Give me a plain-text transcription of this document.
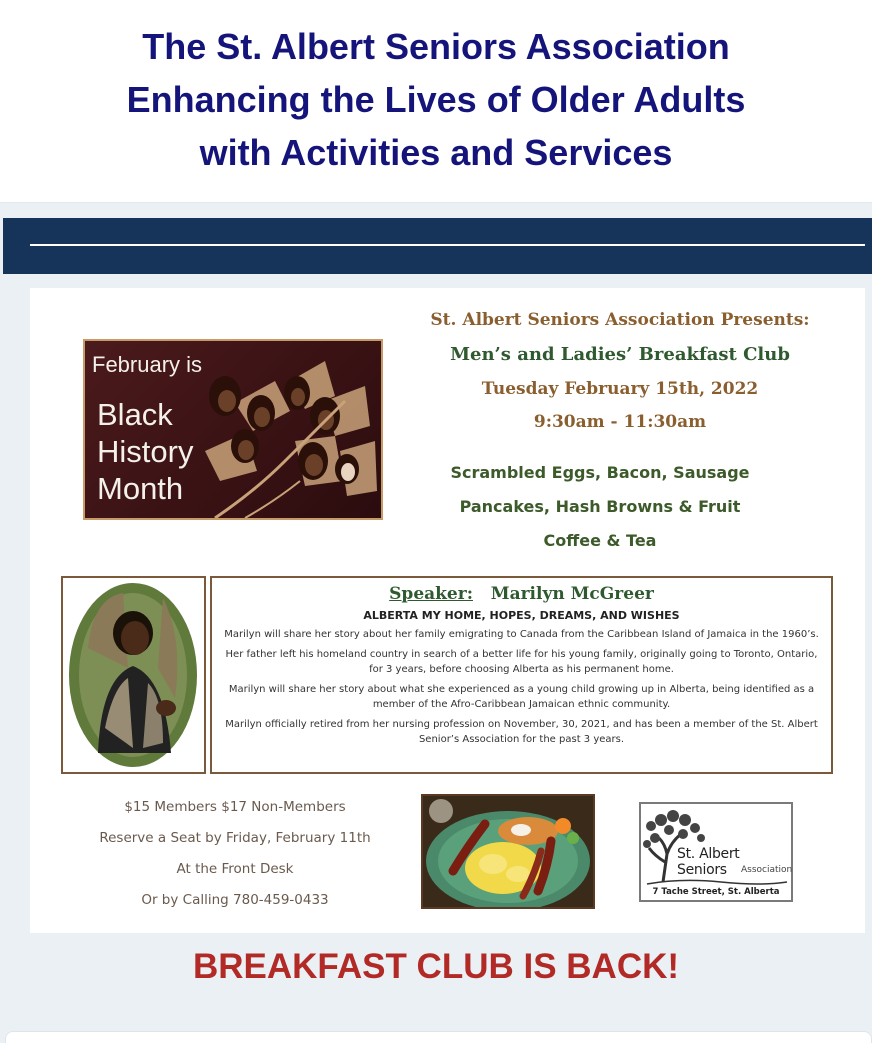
The St. Albert Seniors Association
Enhancing the Lives of Older Adults
with Activities and Services
February is
Black
History
Month
St. Albert Seniors Association Presents:
Men’s and Ladies’ Breakfast Club
Tuesday February 15th, 2022
9:30am - 11:30am
Scrambled Eggs, Bacon, Sausage
Pancakes, Hash Browns & Fruit
Coffee & Tea
Speaker: Marilyn McGreer
ALBERTA MY HOME, HOPES, DREAMS, AND WISHES
Marilyn will share her story about her family emigrating to Canada from the Caribbean Island of Jamaica in the 1960’s.
Her father left his homeland country in search of a better life for his young family, originally going to Toronto, Ontario, for 3 years, before choosing Alberta as his permanent home.
Marilyn will share her story about what she experienced as a young child growing up in Alberta, being identified as a member of the Afro-Caribbean Jamaican ethnic community.
Marilyn officially retired from her nursing profession on November, 30, 2021, and has been a member of the St. Albert Senior’s Association for the past 3 years.
$15 Members $17 Non-Members
Reserve a Seat by Friday, February 11th
At the Front Desk
Or by Calling 780-459-0433
St. Albert Seniors	Association
7 Tache Street, St. Alberta
BREAKFAST CLUB IS BACK!
